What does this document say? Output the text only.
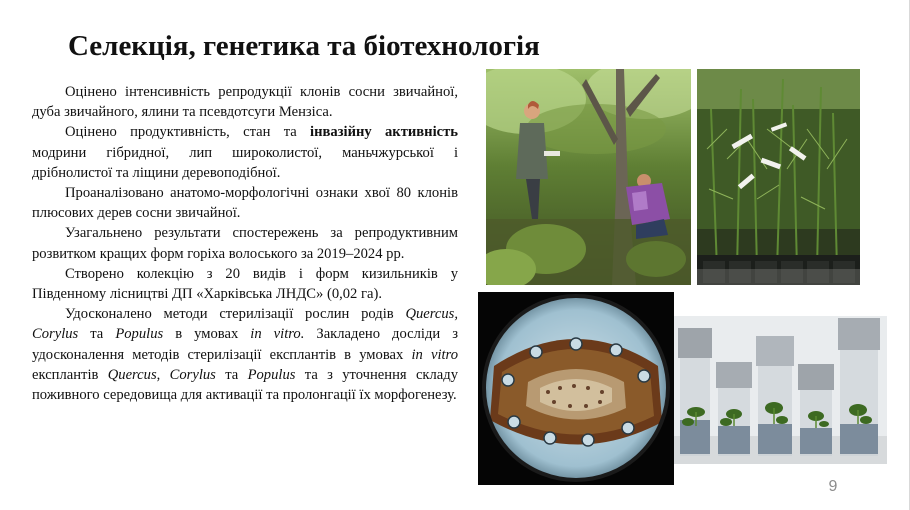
Селекція, генетика та біотехнологія

Оцінено інтенсивність репродукції клонів сосни звичайної, дуба звичайного, ялини та псевдотсуги Мензіса.

Оцінено продуктивність, стан та інвазійну активність модрини гібридної, лип широколистої, маньчжурської і дрібнолистої та ліщини деревоподібної.

Проаналізовано анатомо-морфологічні ознаки хвої 80 клонів плюсових дерев сосни звичайної.

Узагальнено результати спостережень за репродуктивним розвитком кращих форм горіха волоського за 2019–2024 рр.

Створено колекцію з 20 видів і форм кизильників у Південному лісництві ДП «Харківська ЛНДС» (0,02 га).

Удосконалено методи стерилізації рослин родів Quercus, Corylus та Populus в умовах in vitro. Закладено досліди з удосконалення методів стерилізації експлантів в умовах in vitro експлантів Quercus, Corylus та Populus та з уточнення складу поживного середовища для активації та пролонгації їх морфогенезу.

9
